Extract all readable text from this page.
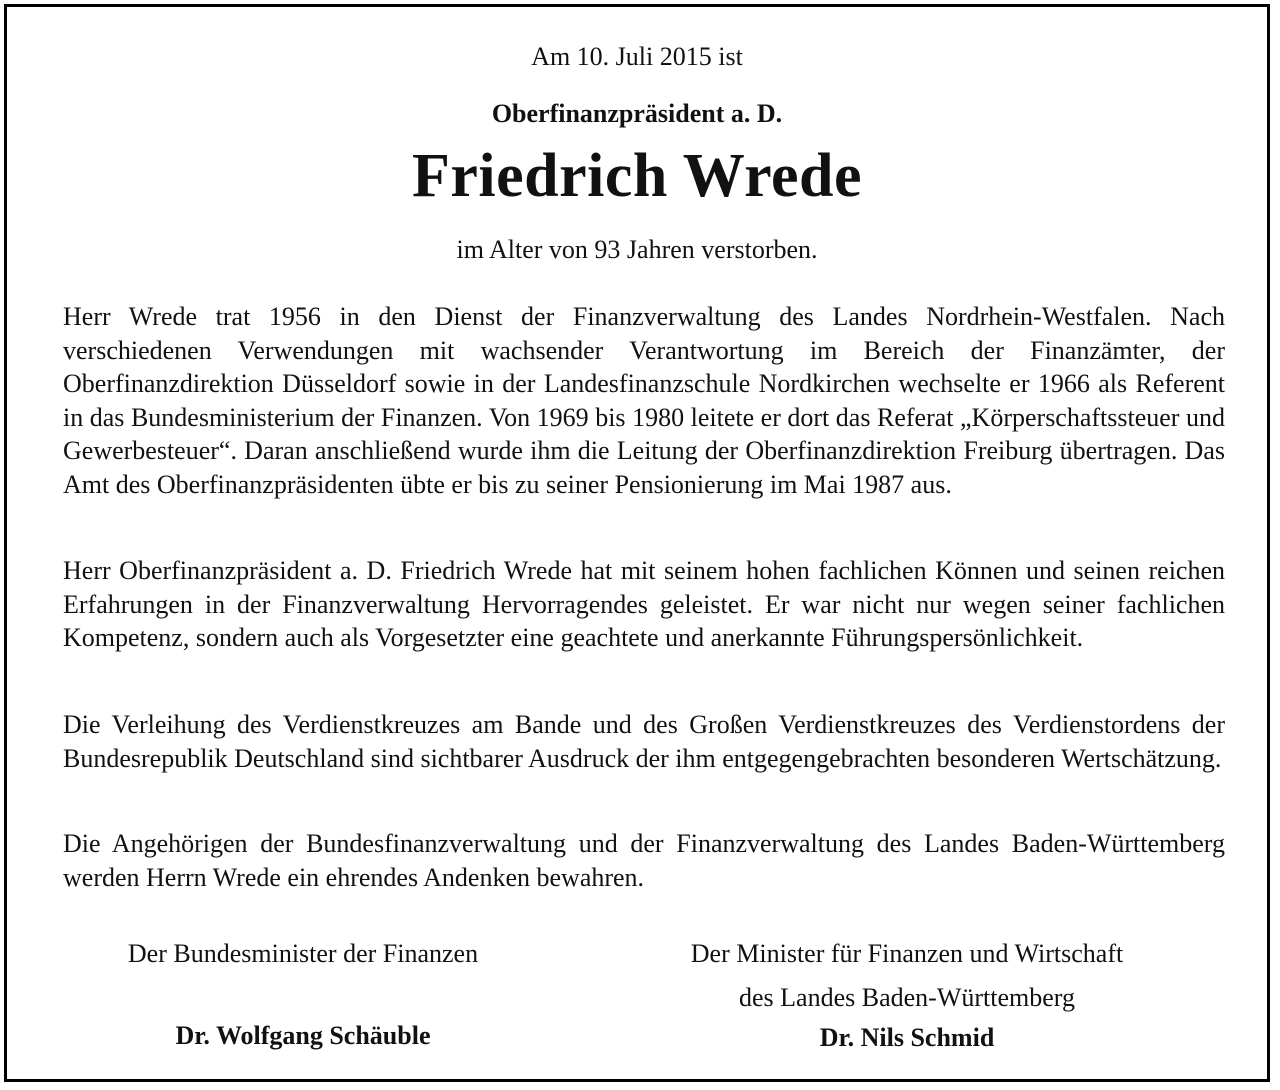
Am 10. Juli 2015 ist
Oberfinanzpräsident a. D.
Friedrich Wrede
im Alter von 93 Jahren verstorben.
Herr Wrede trat 1956 in den Dienst der Finanzverwaltung des Landes Nordrhein-Westfalen. Nach verschiedenen Verwendungen mit wachsender Verantwortung im Bereich der Finanzämter, der Oberfinanzdirektion Düsseldorf sowie in der Landesfinanzschule Nordkirchen wechselte er 1966 als Referent in das Bundesministerium der Finanzen. Von 1969 bis 1980 leitete er dort das Referat „Körperschaftssteuer und Gewerbesteuer“. Daran anschließend wurde ihm die Leitung der Oberfinanzdirektion Freiburg übertragen. Das Amt des Oberfinanzpräsidenten übte er bis zu seiner Pensionierung im Mai 1987 aus.
Herr Oberfinanzpräsident a. D. Friedrich Wrede hat mit seinem hohen fachlichen Können und seinen reichen Erfahrungen in der Finanzverwaltung Hervorragendes geleistet. Er war nicht nur wegen seiner fachlichen Kompetenz, sondern auch als Vorgesetzter eine geachtete und anerkannte Führungspersönlichkeit.
Die Verleihung des Verdienstkreuzes am Bande und des Großen Verdienstkreuzes des Verdienstordens der Bundesrepublik Deutschland sind sichtbarer Ausdruck der ihm entgegengebrachten besonderen Wertschätzung.
Die Angehörigen der Bundesfinanzverwaltung und der Finanzverwaltung des Landes Baden-Württemberg werden Herrn Wrede ein ehrendes Andenken bewahren.
Der Bundesminister der Finanzen
Dr. Wolfgang Schäuble
Der Minister für Finanzen und Wirtschaft
des Landes Baden-Württemberg
Dr. Nils Schmid
